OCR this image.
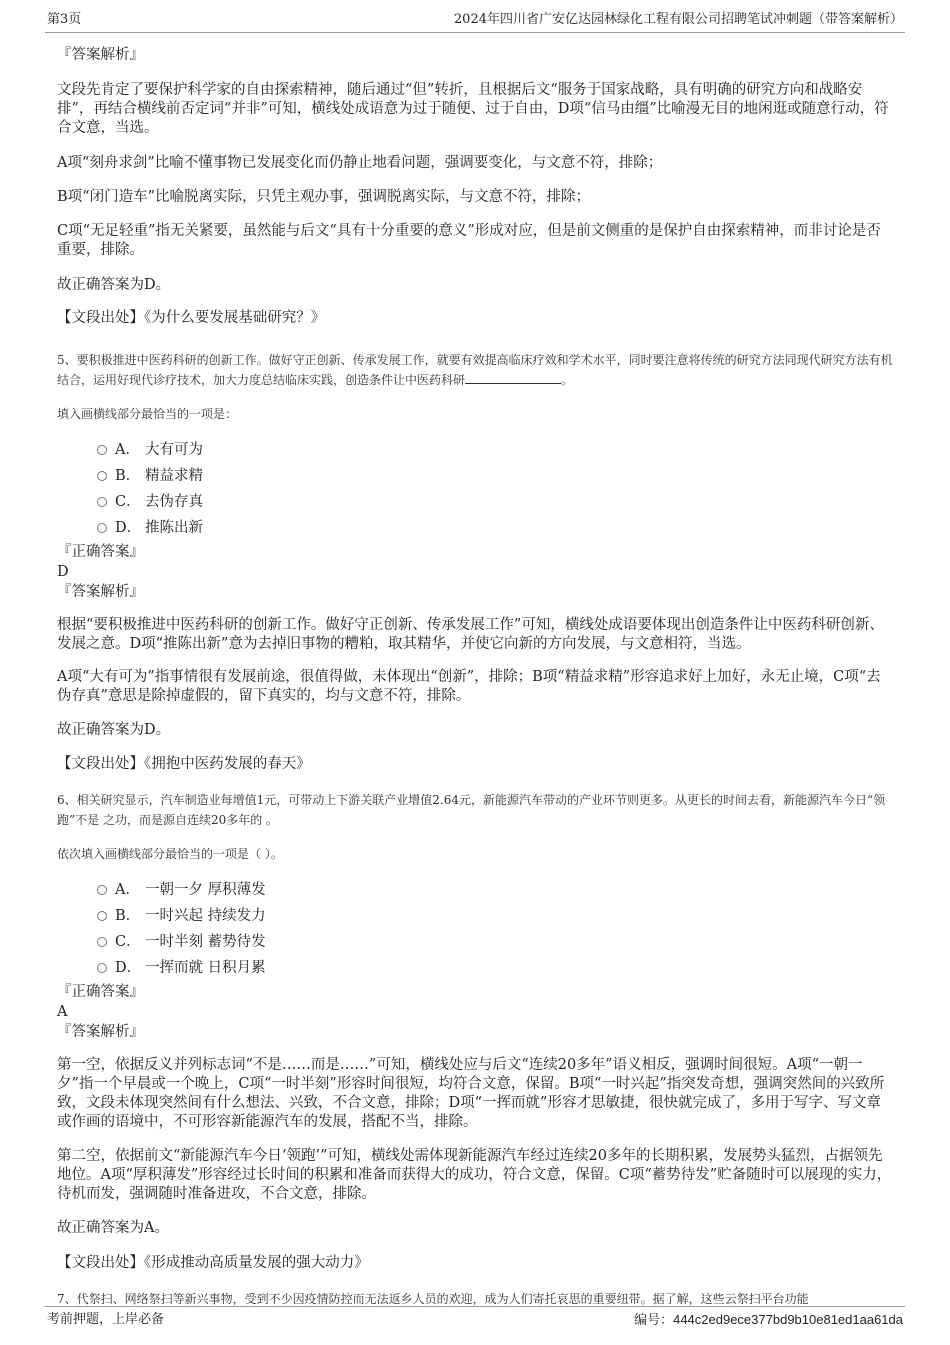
第3页	2024年四川省广安亿达园林绿化工程有限公司招聘笔试冲刺题（带答案解析）

『答案解析』

文段先肯定了要保护科学家的自由探索精神，随后通过“但”转折，且根据后文“服务于国家战略，具有明确的研究方向和战略安排”，再结合横线前否定词“并非”可知，横线处成语意为过于随便、过于自由，D项“信马由缰”比喻漫无目的地闲逛或随意行动，符合文意，当选。

A项“刻舟求剑”比喻不懂事物已发展变化而仍静止地看问题，强调要变化，与文意不符，排除；

B项“闭门造车”比喻脱离实际，只凭主观办事，强调脱离实际，与文意不符，排除；

C项“无足轻重”指无关紧要，虽然能与后文“具有十分重要的意义”形成对应，但是前文侧重的是保护自由探索精神，而非讨论是否重要，排除。

故正确答案为D。

【文段出处】《为什么要发展基础研究？》

5、要积极推进中医药科研的创新工作。做好守正创新、传承发展工作，就要有效提高临床疗效和学术水平，同时要注意将传统的研究方法同现代研究方法有机结合，运用好现代诊疗技术，加大力度总结临床实践，创造条件让中医药科研	。

填入画横线部分最恰当的一项是：

A． 大有可为
B． 精益求精
C． 去伪存真
D． 推陈出新

『正确答案』

D

『答案解析』

根据“要积极推进中医药科研的创新工作。做好守正创新、传承发展工作”可知，横线处成语要体现出创造条件让中医药科研创新、发展之意。D项“推陈出新”意为去掉旧事物的糟粕，取其精华，并使它向新的方向发展，与文意相符，当选。

A项“大有可为”指事情很有发展前途，很值得做，未体现出“创新”，排除；B项“精益求精”形容追求好上加好，永无止境，C项“去伪存真”意思是除掉虚假的，留下真实的，均与文意不符，排除。

故正确答案为D。

【文段出处】《拥抱中医药发展的春天》

6、相关研究显示，汽车制造业每增值1元，可带动上下游关联产业增值2.64元，新能源汽车带动的产业环节则更多。从更长的时间去看，新能源汽车今日“领跑”不是 之功，而是源自连续20多年的 。

依次填入画横线部分最恰当的一项是（ ）。

A． 一朝一夕 厚积薄发
B． 一时兴起 持续发力
C． 一时半刻 蓄势待发
D． 一挥而就 日积月累

『正确答案』

A

『答案解析』

第一空，依据反义并列标志词“不是……而是……”可知，横线处应与后文“连续20多年”语义相反，强调时间很短。A项“一朝一夕”指一个早晨或一个晚上，C项“一时半刻”形容时间很短，均符合文意，保留。B项“一时兴起”指突发奇想，强调突然间的兴致所致，文段未体现突然间有什么想法、兴致，不合文意，排除；D项“一挥而就”形容才思敏捷，很快就完成了，多用于写字、写文章或作画的语境中，不可形容新能源汽车的发展，搭配不当，排除。

第二空，依据前文“新能源汽车今日‘领跑’”可知，横线处需体现新能源汽车经过连续20多年的长期积累，发展势头猛烈，占据领先地位。A项“厚积薄发”形容经过长时间的积累和准备而获得大的成功，符合文意，保留。C项“蓄势待发”贮备随时可以展现的实力，待机而发，强调随时准备进攻，不合文意，排除。

故正确答案为A。

【文段出处】《形成推动高质量发展的强大动力》

7、代祭扫、网络祭扫等新兴事物，受到不少因疫情防控而无法返乡人员的欢迎，成为人们寄托哀思的重要纽带。据了解，这些云祭扫平台功能

考前押题，上岸必备	编号：444c2ed9ece377bd9b10e81ed1aa61da
